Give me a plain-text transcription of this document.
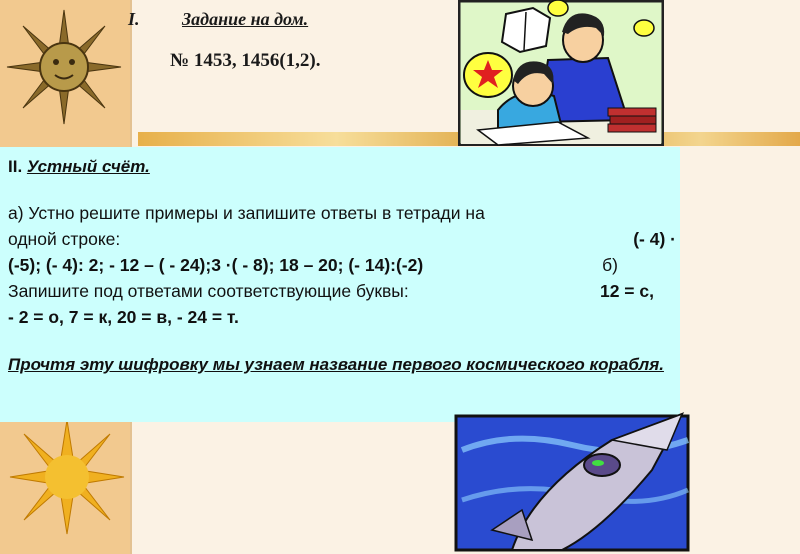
I. Задание на дом.
№ 1453, 1456(1,2).
II. Устный счёт.
а) Устно решите примеры и запишите ответы в тетради на
одной строке:	(- 4) ·
(-5); (- 4): 2; - 12 – ( - 24);3 ·( - 8); 18 – 20; (- 14):(-2)	б)
Запишите под ответами соответствующие буквы:	12 = с,
- 2 = о, 7 = к, 20 = в, - 24 = т.
Прочтя эту шифровку мы узнаем название первого космического корабля.
